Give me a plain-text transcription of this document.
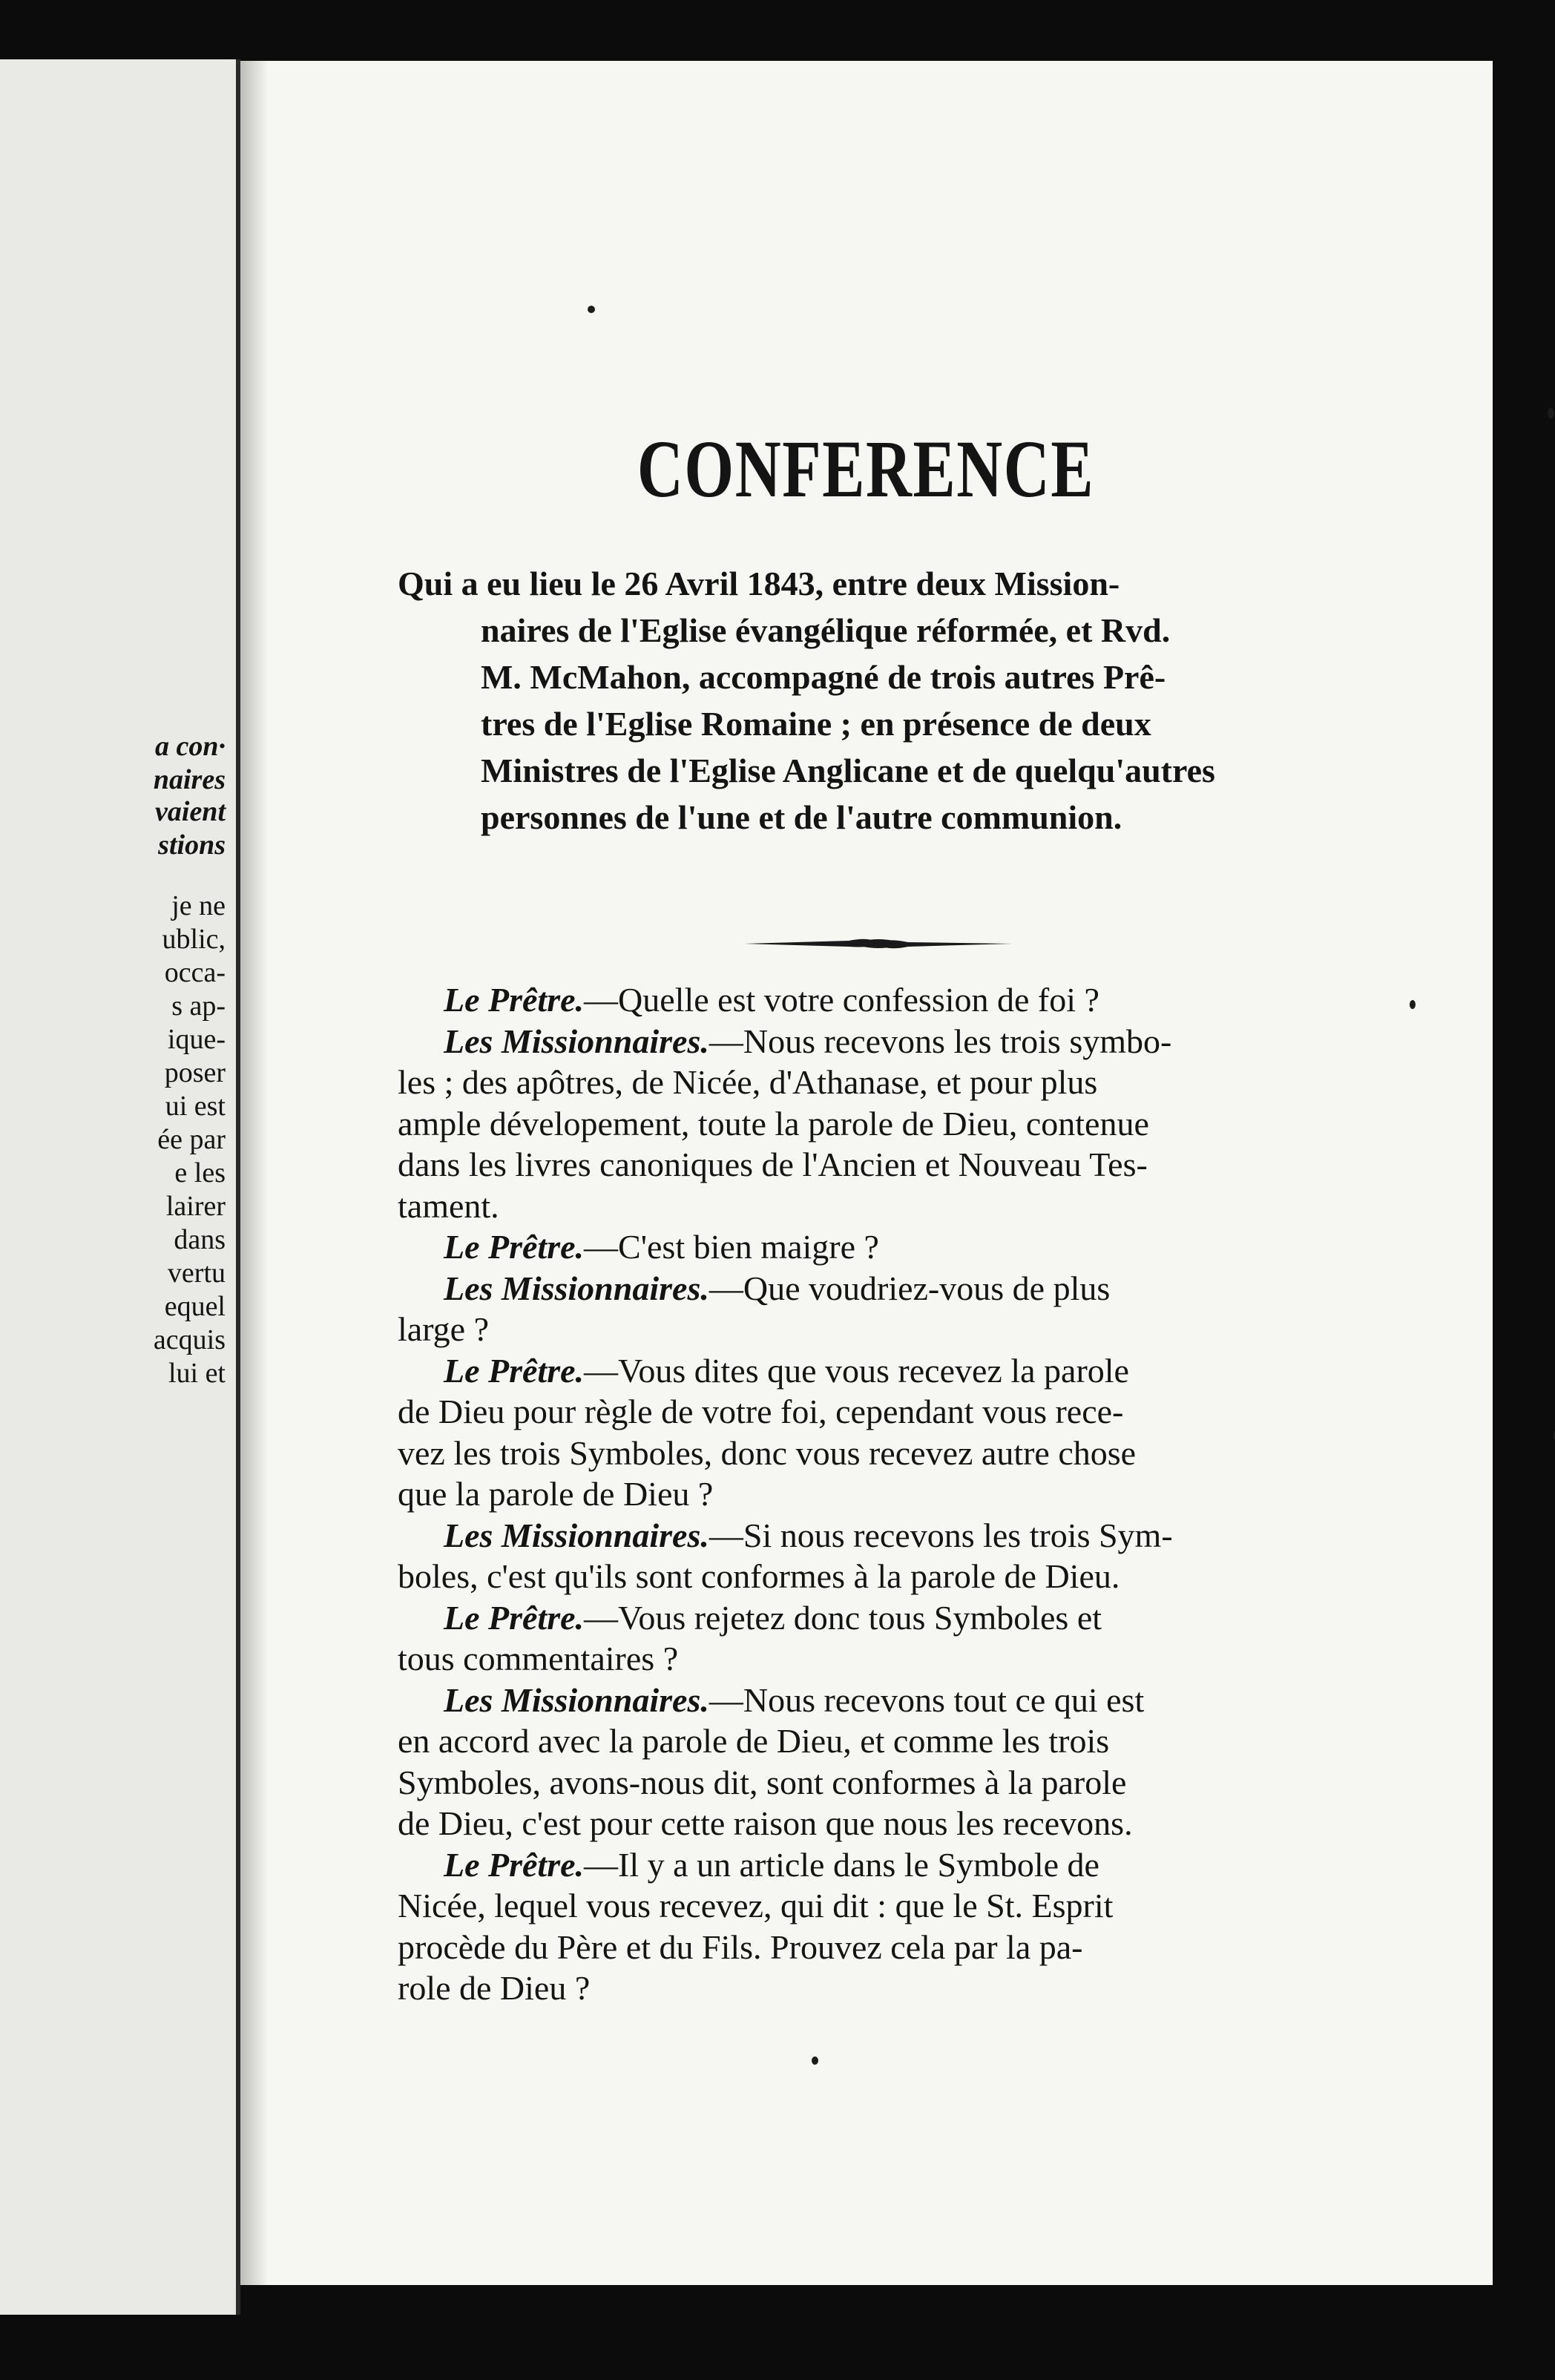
a con·
naires
vaient
stions
je ne
ublic,
occa-
s ap-
ique-
poser
ui est
ée par
e les
lairer
dans
vertu
equel
acquis
lui et
CONFERENCE
Qui a eu lieu le 26 Avril 1843, entre deux Mission-
naires de l'Eglise évangélique réformée, et Rvd.
M. McMahon, accompagné de trois autres Prê-
tres de l'Eglise Romaine ; en présence de deux
Ministres de l'Eglise Anglicane et de quelqu'autres
personnes de l'une et de l'autre communion.
Le Prêtre.—Quelle est votre confession de foi ?
Les Missionnaires.—Nous recevons les trois symbo-
les ; des apôtres, de Nicée, d'Athanase, et pour plus
ample dévelopement, toute la parole de Dieu, contenue
dans les livres canoniques de l'Ancien et Nouveau Tes-
tament.
Le Prêtre.—C'est bien maigre ?
Les Missionnaires.—Que voudriez-vous de plus
large ?
Le Prêtre.—Vous dites que vous recevez la parole
de Dieu pour règle de votre foi, cependant vous rece-
vez les trois Symboles, donc vous recevez autre chose
que la parole de Dieu ?
Les Missionnaires.—Si nous recevons les trois Sym-
boles, c'est qu'ils sont conformes à la parole de Dieu.
Le Prêtre.—Vous rejetez donc tous Symboles et
tous commentaires ?
Les Missionnaires.—Nous recevons tout ce qui est
en accord avec la parole de Dieu, et comme les trois
Symboles, avons-nous dit, sont conformes à la parole
de Dieu, c'est pour cette raison que nous les recevons.
Le Prêtre.—Il y a un article dans le Symbole de
Nicée, lequel vous recevez, qui dit : que le St. Esprit
procède du Père et du Fils. Prouvez cela par la pa-
role de Dieu ?
